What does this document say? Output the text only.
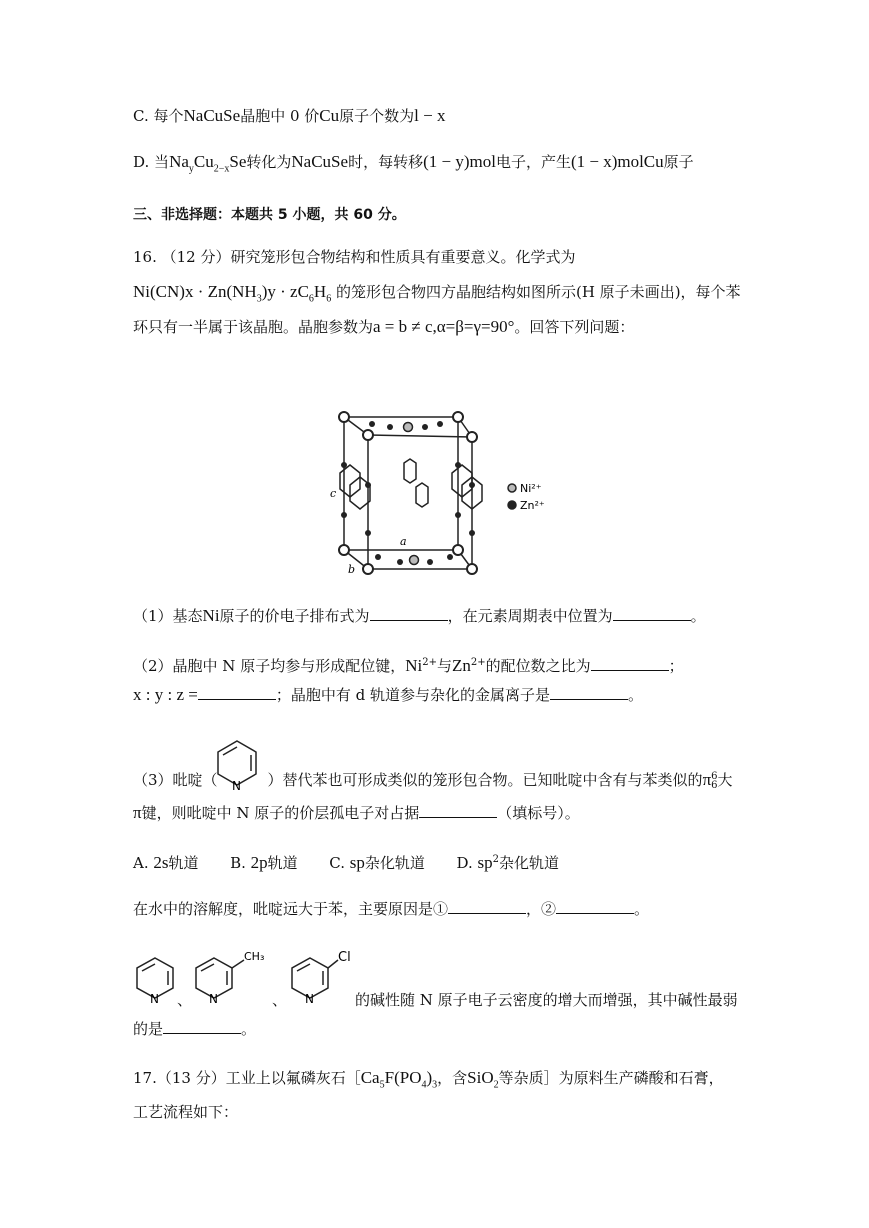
C. 每个NaCuSe晶胞中 0 价Cu原子个数为l − x
D. 当$Na_yCu_{2-x}Se$转化为NaCuSe时，每转移(1 − y)mol电子，产生(1 − x)molCu原子
三、非选择题：本题共 5 小题，共 60 分。
16. （12 分）研究笼形包合物结构和性质具有重要意义。化学式为
$Ni(CN)x \cdot Zn(NH_3)y \cdot zC_6H_6$ 的笼形包合物四方晶胞结构如图所示(H 原子未画出)，每个苯
环只有一半属于该晶胞。晶胞参数为a = b ≠ c,α=β=γ=90°。回答下列问题：
Ni²⁺
Zn²⁺
c
a
b
（1）基态Ni原子的价电子排布式为	，在元素周期表中位置为	。
（2）晶胞中 N 原子均参与形成配位键，$Ni^{2+}$与$Zn^{2+}$的配位数之比为	；
x : y : z =	；晶胞中有 d 轨道参与杂化的金属离子是	。
N
（3）吡啶（	）替代苯也可形成类似的笼形包合物。已知吡啶中含有与苯类似的π 6
6 大
π键，则吡啶中 N 原子的价层孤电子对占据	（填标号）。
A. 2s轨道 B. 2p轨道 C. sp杂化轨道 D. $sp^2$杂化轨道
在水中的溶解度，吡啶远大于苯，主要原因是①	，②	。
N 、
CH₃
N	、
Cl
N	的碱性随 N 原子电子云密度的增大而增强，其中碱性最弱
的是	。
17.（13 分）工业上以氟磷灰石$[Ca_5F(PO_4)_3$，含SiO$_2$等杂质］为原料生产磷酸和石膏，
工艺流程如下：
